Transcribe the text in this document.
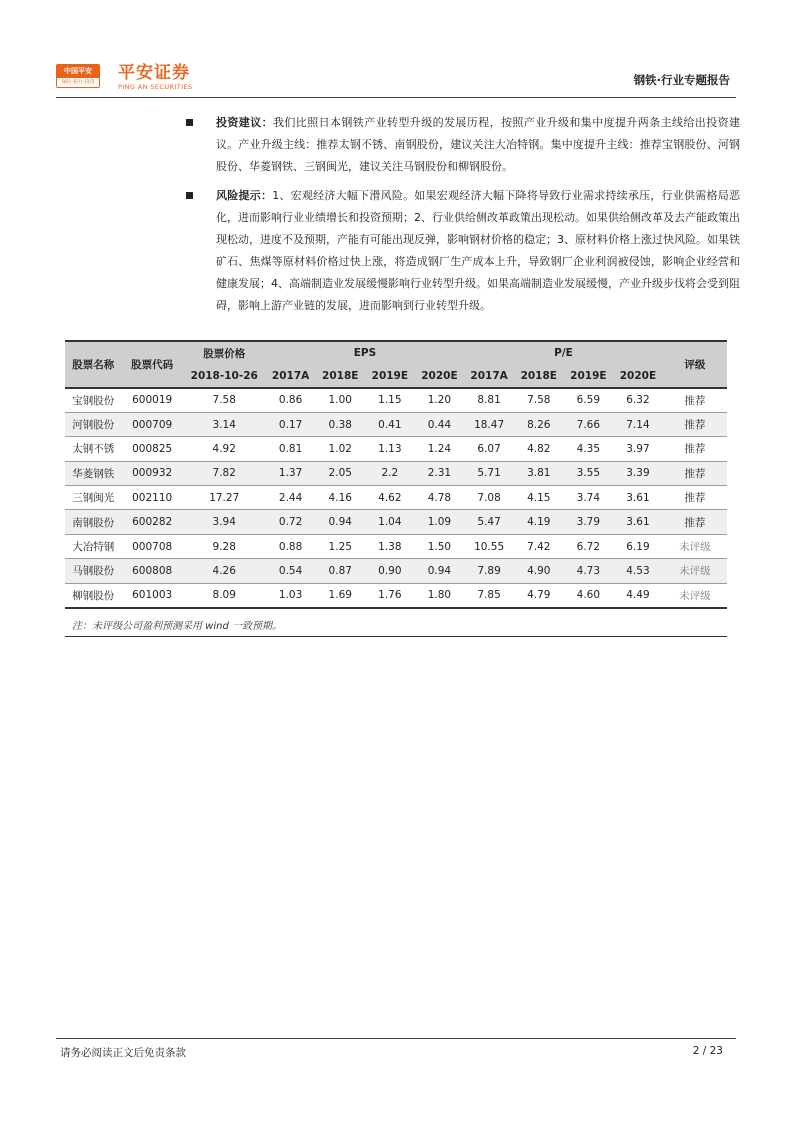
中国平安
保险·银行·投资 平安证券
PING AN SECURITIES	钢铁·行业专题报告
投资建议：我们比照日本钢铁产业转型升级的发展历程，按照产业升级和集中度提升两条主线给出投资建议。产业升级主线：推荐太钢不锈、南钢股份，建议关注大冶特钢。集中度提升主线：推荐宝钢股份、河钢股份、华菱钢铁、三钢闽光，建议关注马钢股份和柳钢股份。
风险提示：1、宏观经济大幅下滑风险。如果宏观经济大幅下降将导致行业需求持续承压，行业供需格局恶化，进而影响行业业绩增长和投资预期；2、行业供给侧改革政策出现松动。如果供给侧改革及去产能政策出现松动，进度不及预期，产能有可能出现反弹，影响钢材价格的稳定；3、原材料价格上涨过快风险。如果铁矿石、焦煤等原材料价格过快上涨，将造成钢厂生产成本上升，导致钢厂企业利润被侵蚀，影响企业经营和健康发展；4、高端制造业发展缓慢影响行业转型升级。如果高端制造业发展缓慢，产业升级步伐将会受到阻碍，影响上游产业链的发展，进而影响到行业转型升级。
股票名称	股票代码	股票价格	EPS				P/E				评级
		2018-10-26	2017A	2018E	2019E	2020E	2017A	2018E	2019E	2020E	
宝钢股份	600019	7.58	0.86	1.00	1.15	1.20	8.81	7.58	6.59	6.32	推荐
河钢股份	000709	3.14	0.17	0.38	0.41	0.44	18.47	8.26	7.66	7.14	推荐
太钢不锈	000825	4.92	0.81	1.02	1.13	1.24	6.07	4.82	4.35	3.97	推荐
华菱钢铁	000932	7.82	1.37	2.05	2.2	2.31	5.71	3.81	3.55	3.39	推荐
三钢闽光	002110	17.27	2.44	4.16	4.62	4.78	7.08	4.15	3.74	3.61	推荐
南钢股份	600282	3.94	0.72	0.94	1.04	1.09	5.47	4.19	3.79	3.61	推荐
大冶特钢	000708	9.28	0.88	1.25	1.38	1.50	10.55	7.42	6.72	6.19	未评级
马钢股份	600808	4.26	0.54	0.87	0.90	0.94	7.89	4.90	4.73	4.53	未评级
柳钢股份	601003	8.09	1.03	1.69	1.76	1.80	7.85	4.79	4.60	4.49	未评级
注：未评级公司盈利预测采用 wind 一致预期。
请务必阅读正文后免责条款	2 / 23
